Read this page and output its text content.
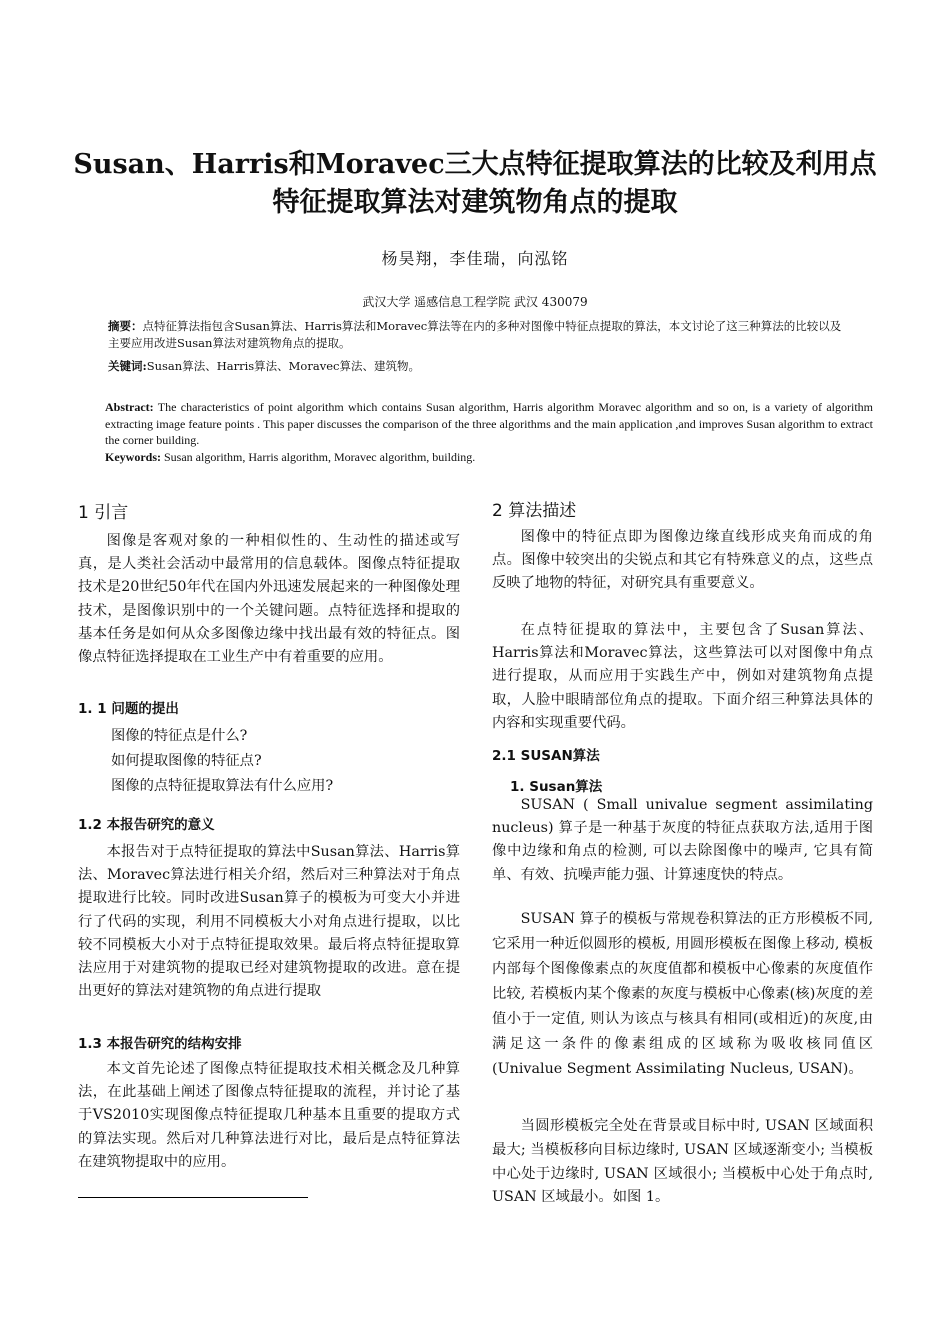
Susan、Harris和Moravec三大点特征提取算法的比较及利用点
特征提取算法对建筑物角点的提取
杨昊翔，李佳瑞，向泓铭
武汉大学 遥感信息工程学院 武汉 430079
摘要：点特征算法指包含Susan算法、Harris算法和Moravec算法等在内的多种对图像中特征点提取的算法，本文讨论了这三种算法的比较以及主要应用改进Susan算法对建筑物角点的提取。
关键词:Susan算法、Harris算法、Moravec算法、建筑物。
Abstract: The characteristics of point algorithm which contains Susan algorithm, Harris algorithm Moravec algorithm and so on, is a variety of algorithm extracting image feature points . This paper discusses the comparison of the three algorithms and the main application ,and improves Susan algorithm to extract the corner building.
Keywords: Susan algorithm, Harris algorithm, Moravec algorithm, building.
1 引言
图像是客观对象的一种相似性的、生动性的描述或写真，是人类社会活动中最常用的信息载体。图像点特征提取技术是20世纪50年代在国内外迅速发展起来的一种图像处理技术，是图像识别中的一个关键问题。点特征选择和提取的基本任务是如何从众多图像边缘中找出最有效的特征点。图像点特征选择提取在工业生产中有着重要的应用。
1. 1 问题的提出
图像的特征点是什么?
如何提取图像的特征点?
图像的点特征提取算法有什么应用?
1.2 本报告研究的意义
本报告对于点特征提取的算法中Susan算法、Harris算法、Moravec算法进行相关介绍，然后对三种算法对于角点提取进行比较。同时改进Susan算子的模板为可变大小并进行了代码的实现，利用不同模板大小对角点进行提取，以比较不同模板大小对于点特征提取效果。最后将点特征提取算法应用于对建筑物的提取已经对建筑物提取的改进。意在提出更好的算法对建筑物的角点进行提取
1.3 本报告研究的结构安排
本文首先论述了图像点特征提取技术相关概念及几种算法，在此基础上阐述了图像点特征提取的流程，并讨论了基于VS2010实现图像点特征提取几种基本且重要的提取方式的算法实现。然后对几种算法进行对比，最后是点特征算法在建筑物提取中的应用。
2 算法描述
图像中的特征点即为图像边缘直线形成夹角而成的角点。图像中较突出的尖锐点和其它有特殊意义的点，这些点反映了地物的特征，对研究具有重要意义。
在点特征提取的算法中，主要包含了Susan算法、Harris算法和Moravec算法，这些算法可以对图像中角点进行提取，从而应用于实践生产中，例如对建筑物角点提取，人脸中眼睛部位角点的提取。下面介绍三种算法具体的内容和实现重要代码。
2.1 SUSAN算法
1. Susan算法
SUSAN ( Small univalue segment assimilating nucleus) 算子是一种基于灰度的特征点获取方法,适用于图像中边缘和角点的检测, 可以去除图像中的噪声, 它具有简单、有效、抗噪声能力强、计算速度快的特点。
SUSAN 算子的模板与常规卷积算法的正方形模板不同, 它采用一种近似圆形的模板, 用圆形模板在图像上移动, 模板内部每个图像像素点的灰度值都和模板中心像素的灰度值作比较, 若模板内某个像素的灰度与模板中心像素(核)灰度的差值小于一定值, 则认为该点与核具有相同(或相近)的灰度,由满足这一条件的像素组成的区域称为吸收核同值区(Univalue Segment Assimilating Nucleus, USAN)。
当圆形模板完全处在背景或目标中时, USAN 区域面积最大; 当模板移向目标边缘时, USAN 区域逐渐变小; 当模板中心处于边缘时, USAN 区域很小; 当模板中心处于角点时, USAN 区域最小。如图 1。
